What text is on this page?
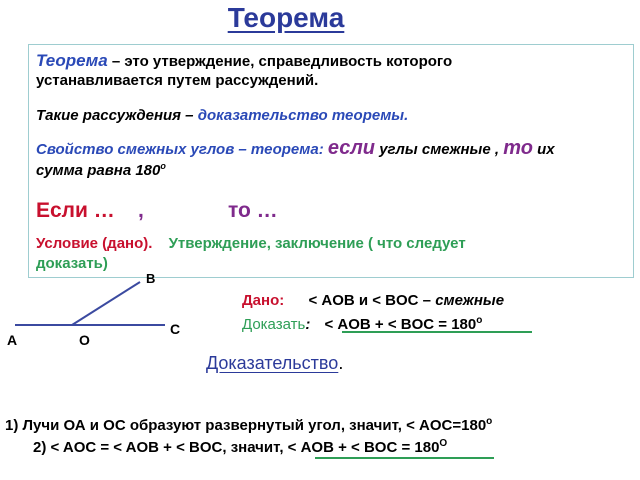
Теорема
Теорема – это утверждение, справедливость которого
устанавливается путем рассуждений.
Такие рассуждения – доказательство теоремы.
Свойство смежных углов – теорема: если углы смежные , то их
сумма равна $180^о$
Если … ,	то …
Условие (дано). Утверждение, заключение ( что следует
доказать)
B
C
A	O
Дано: < AOB и < BOC – смежные
Доказать: < AOB + < BOC = $180^о$
Доказательство.
1) Лучи ОА и ОС образуют развернутый угол, значит, < $AOC=180^о$
2) < AOC = < AOB + < BOC, значит, < AOB + < BOC = $180^О$
